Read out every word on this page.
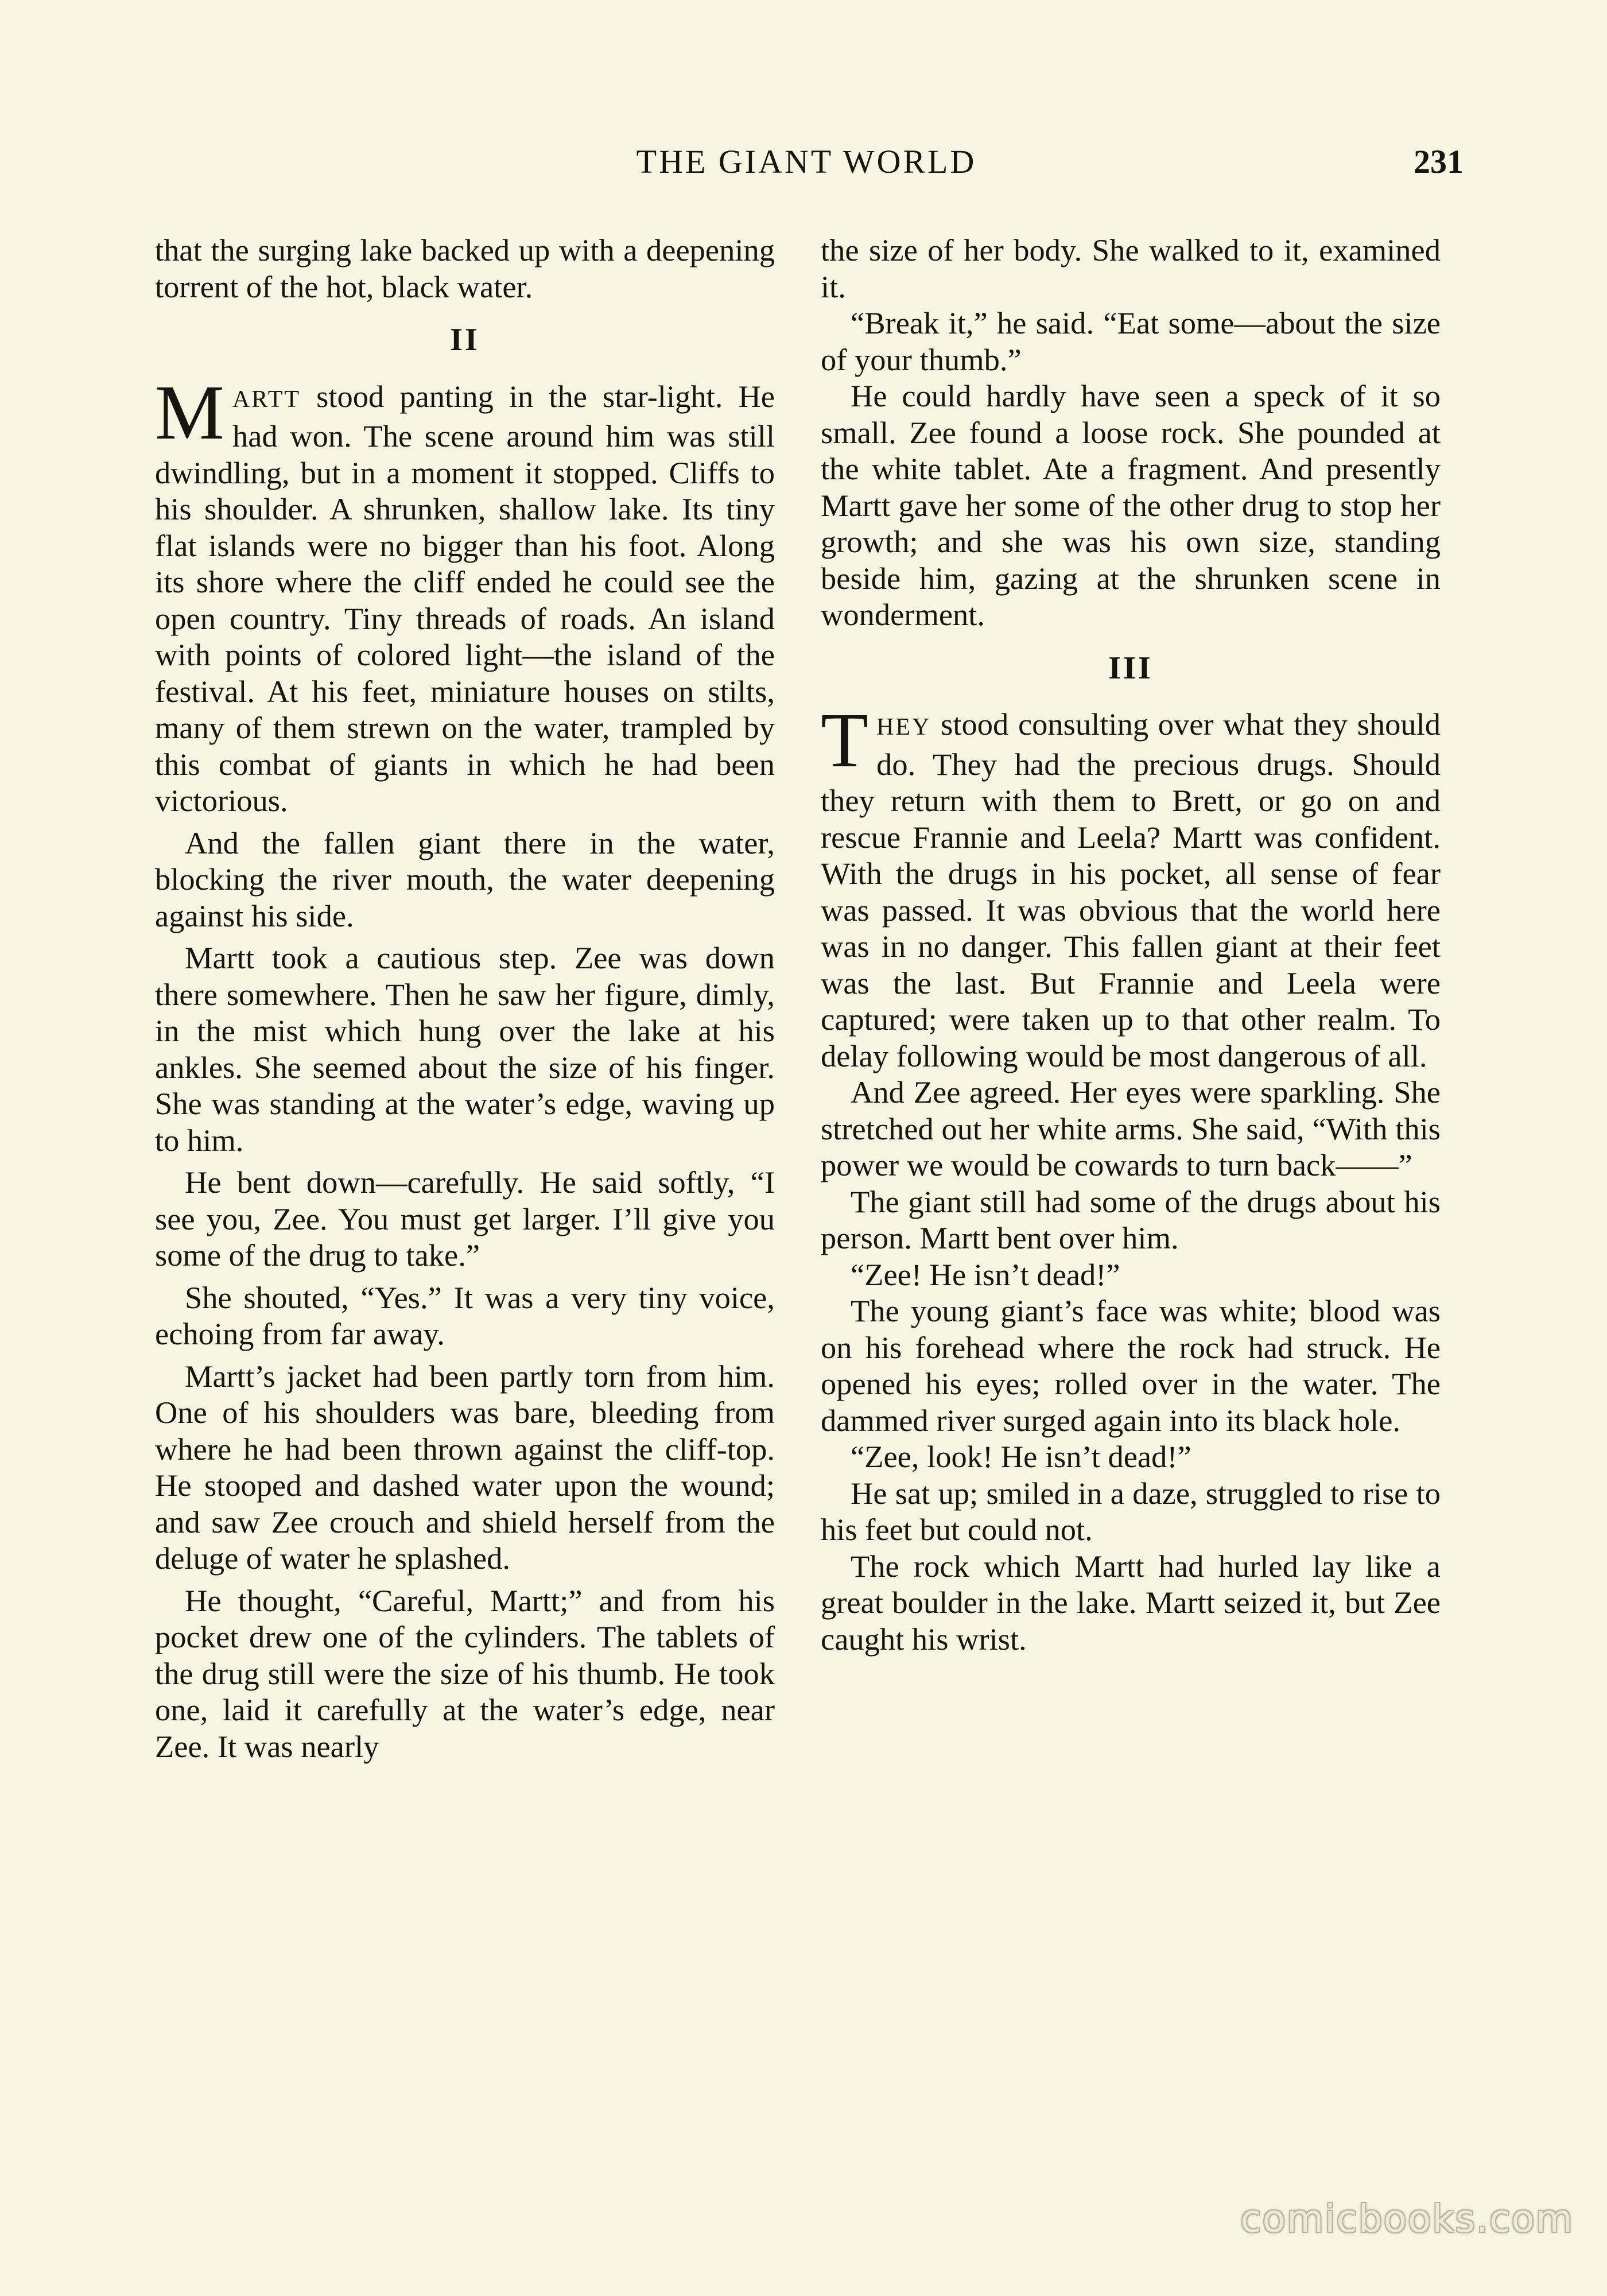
THE GIANT WORLD	231

that the surging lake backed up with a deepening torrent of the hot, black water.

II

MARTT stood panting in the star-light. He had won. The scene around him was still dwindling, but in a moment it stopped. Cliffs to his shoulder. A shrunken, shallow lake. Its tiny flat islands were no bigger than his foot. Along its shore where the cliff ended he could see the open country. Tiny threads of roads. An island with points of colored light—the island of the festival. At his feet, miniature houses on stilts, many of them strewn on the water, trampled by this combat of giants in which he had been victorious.

And the fallen giant there in the water, blocking the river mouth, the water deepening against his side.

Martt took a cautious step. Zee was down there somewhere. Then he saw her figure, dimly, in the mist which hung over the lake at his ankles. She seemed about the size of his finger. She was standing at the water’s edge, waving up to him.

He bent down—carefully. He said softly, “I see you, Zee. You must get larger. I’ll give you some of the drug to take.”

She shouted, “Yes.” It was a very tiny voice, echoing from far away.

Martt’s jacket had been partly torn from him. One of his shoulders was bare, bleeding from where he had been thrown against the cliff-top. He stooped and dashed water upon the wound; and saw Zee crouch and shield herself from the deluge of water he splashed.

He thought, “Careful, Martt;” and from his pocket drew one of the cylinders. The tablets of the drug still were the size of his thumb. He took one, laid it carefully at the water’s edge, near Zee. It was nearly

the size of her body. She walked to it, examined it.

“Break it,” he said. “Eat some—about the size of your thumb.”

He could hardly have seen a speck of it so small. Zee found a loose rock. She pounded at the white tablet. Ate a fragment. And presently Martt gave her some of the other drug to stop her growth; and she was his own size, standing beside him, gazing at the shrunken scene in wonderment.

III

THEY stood consulting over what they should do. They had the precious drugs. Should they return with them to Brett, or go on and rescue Frannie and Leela? Martt was confident. With the drugs in his pocket, all sense of fear was passed. It was obvious that the world here was in no danger. This fallen giant at their feet was the last. But Frannie and Leela were captured; were taken up to that other realm. To delay following would be most dangerous of all.

And Zee agreed. Her eyes were sparkling. She stretched out her white arms. She said, “With this power we would be cowards to turn back——”

The giant still had some of the drugs about his person. Martt bent over him.

“Zee! He isn’t dead!”

The young giant’s face was white; blood was on his forehead where the rock had struck. He opened his eyes; rolled over in the water. The dammed river surged again into its black hole.

“Zee, look! He isn’t dead!”

He sat up; smiled in a daze, struggled to rise to his feet but could not.

The rock which Martt had hurled lay like a great boulder in the lake. Martt seized it, but Zee caught his wrist.

comicbooks.com
